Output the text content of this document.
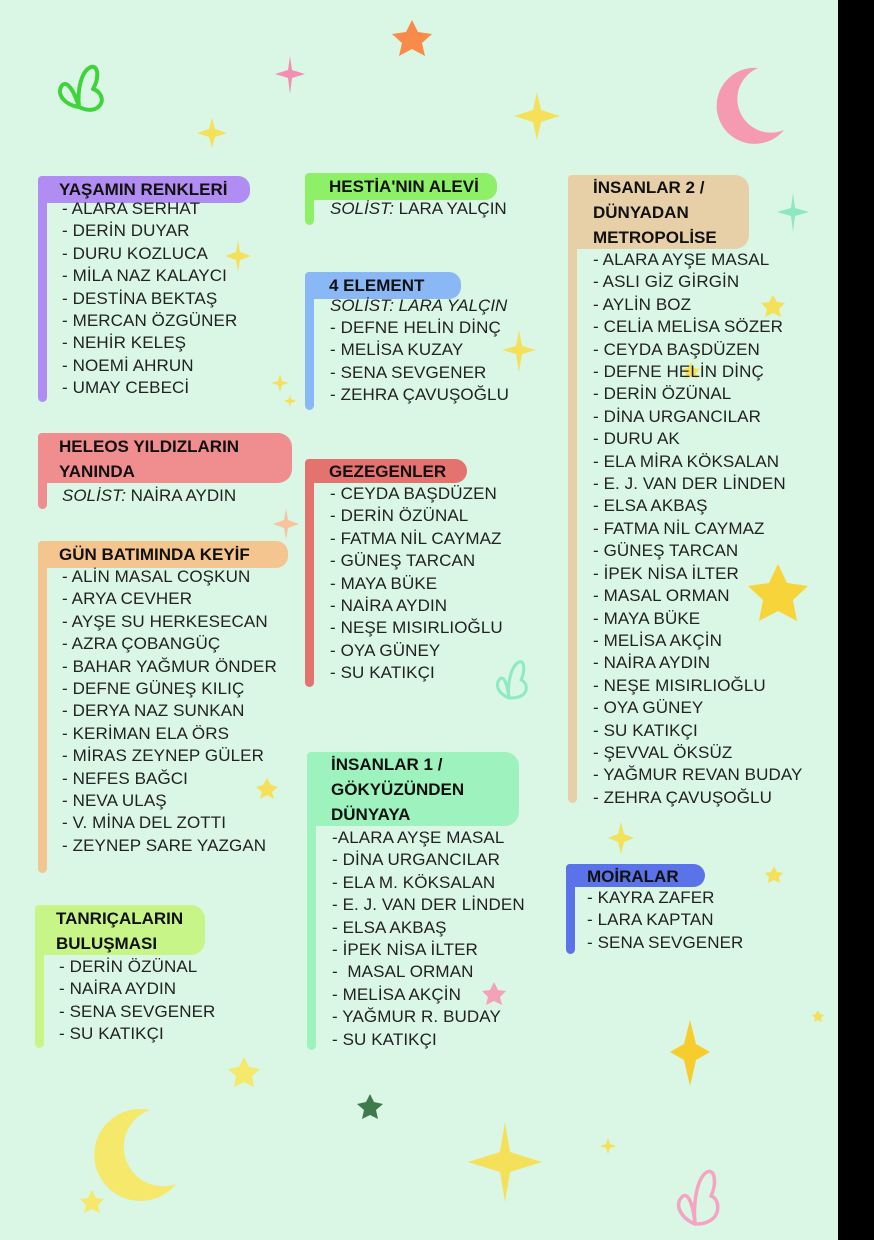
YAŞAMIN RENKLERİ
- ALARA SERHAT
- DERİN DUYAR
- DURU KOZLUCA
- MİLA NAZ KALAYCI
- DESTİNA BEKTAŞ
- MERCAN ÖZGÜNER
- NEHİR KELEŞ
- NOEMİ AHRUN
- UMAY CEBECİ
HELEOS YILDIZLARIN
YANINDA
SOLİST: NAİRA AYDIN
GÜN BATIMINDA KEYİF
- ALİN MASAL COŞKUN
- ARYA CEVHER
- AYŞE SU HERKESECAN
- AZRA ÇOBANGÜÇ
- BAHAR YAĞMUR ÖNDER
- DEFNE GÜNEŞ KILIÇ
- DERYA NAZ SUNKAN
- KERİMAN ELA ÖRS
- MİRAS ZEYNEP GÜLER
- NEFES BAĞCI
- NEVA ULAŞ
- V. MİNA DEL ZOTTI
- ZEYNEP SARE YAZGAN
TANRIÇALARIN
BULUŞMASI
- DERİN ÖZÜNAL
- NAİRA AYDIN
- SENA SEVGENER
- SU KATIKÇI
HESTİA'NIN ALEVİ
SOLİST: LARA YALÇIN
4 ELEMENT
SOLİST: LARA YALÇIN
- DEFNE HELİN DİNÇ
- MELİSA KUZAY
- SENA SEVGENER
- ZEHRA ÇAVUŞOĞLU
GEZEGENLER
- CEYDA BAŞDÜZEN
- DERİN ÖZÜNAL
- FATMA NİL CAYMAZ
- GÜNEŞ TARCAN
- MAYA BÜKE
- NAİRA AYDIN
- NEŞE MISIRLIOĞLU
- OYA GÜNEY
- SU KATIKÇI
İNSANLAR 1 /
GÖKYÜZÜNDEN
DÜNYAYA
-ALARA AYŞE MASAL
- DİNA URGANCILAR
- ELA M. KÖKSALAN
- E. J. VAN DER LİNDEN
- ELSA AKBAŞ
- İPEK NİSA İLTER
-  MASAL ORMAN
- MELİSA AKÇİN
- YAĞMUR R. BUDAY
- SU KATIKÇI
İNSANLAR 2 /
DÜNYADAN
METROPOLİSE
- ALARA AYŞE MASAL
- ASLI GİZ GİRGİN
- AYLİN BOZ
- CELİA MELİSA SÖZER
- CEYDA BAŞDÜZEN
- DEFNE HELİN DİNÇ
- DERİN ÖZÜNAL
- DİNA URGANCILAR
- DURU AK
- ELA MİRA KÖKSALAN
- E. J. VAN DER LİNDEN
- ELSA AKBAŞ
- FATMA NİL CAYMAZ
- GÜNEŞ TARCAN
- İPEK NİSA İLTER
- MASAL ORMAN
- MAYA BÜKE
- MELİSA AKÇİN
- NAİRA AYDIN
- NEŞE MISIRLIOĞLU
- OYA GÜNEY
- SU KATIKÇI
- ŞEVVAL ÖKSÜZ
- YAĞMUR REVAN BUDAY
- ZEHRA ÇAVUŞOĞLU
MOİRALAR
- KAYRA ZAFER
- LARA KAPTAN
- SENA SEVGENER
